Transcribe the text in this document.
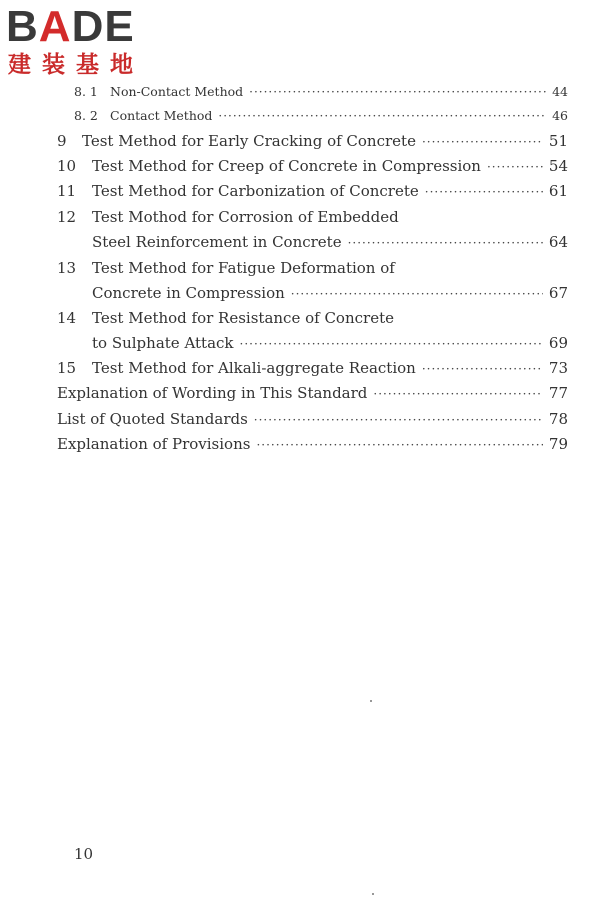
BADE
建装基地
8. 1 Non-Contact Method ·····	44
8. 2 Contact Method ·····	46
9	Test Method for Early Cracking of Concrete ·····	51
10	Test Method for Creep of Concrete in Compression ·····	54
11	Test Method for Carbonization of Concrete ·····	61
12 Test Mothod for Corrosion of Embedded
Steel Reinforcement in Concrete ·····	64
13 Test Method for Fatigue Deformation of
Concrete in Compression ·····	67
14 Test Method for Resistance of Concrete
to Sulphate Attack ·····	69
15	Test Method for Alkali-aggregate Reaction ·····	73
Explanation of Wording in This Standard ·····	77
List of Quoted Standards ·····	78
Explanation of Provisions ·····	79
10
